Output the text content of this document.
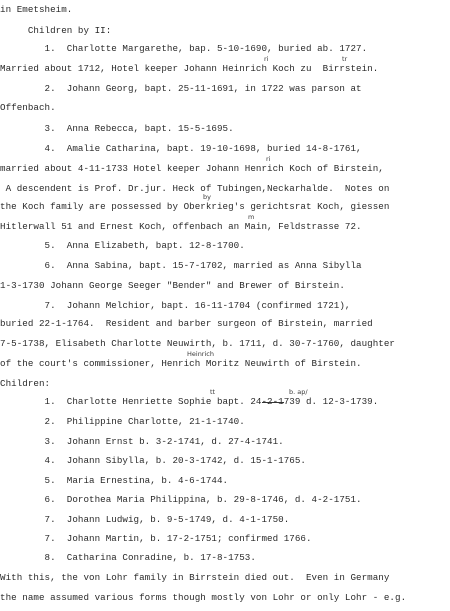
in Emetsheim.

Children by II:

1.  Charlotte Margarethe, bap. 5-10-1690, buried ab. 1727.

Married about 1712, Hotel keeper Johann Heinrich Koch zu  Birrstein.

2.  Johann Georg, bapt. 25-11-1691, in 1722 was parson at

Offenbach.

3.  Anna Rebecca, bapt. 15-5-1695.

4.  Amalie Catharina, bapt. 19-10-1698, buried 14-8-1761,

married about 4-11-1733 Hotel keeper Johann Henrich Koch of Birstein,

A descendent is Prof. Dr.jur. Heck of Tubingen,Neckarhalde.  Notes on

the Koch family are possessed by Oberkrieg's gerichtsrat Koch, giessen

Hitlerwall 51 and Ernest Koch, offenbach an Main, Feldstrasse 72.

5.  Anna Elizabeth, bapt. 12-8-1700.

6.  Anna Sabina, bapt. 15-7-1702, married as Anna Sibylla

1-3-1730 Johann George Seeger "Bender" and Brewer of Birstein.

7.  Johann Melchior, bapt. 16-11-1704 (confirmed 1721),

buried 22-1-1764.  Resident and barber surgeon of Birstein, married

7-5-1738, Elisabeth Charlotte Neuwirth, b. 1711, d. 30-7-1760, daughter

of the court's commissioner, Henrich Moritz Neuwirth of Birstein.

Children:

1.  Charlotte Henriette Sophie bapt. 24-2-1739 d. 12-3-1739.

2.  Philippine Charlotte, 21-1-1740.

3.  Johann Ernst b. 3-2-1741, d. 27-4-1741.

4.  Johann Sibylla, b. 20-3-1742, d. 15-1-1765.

5.  Maria Ernestina, b. 4-6-1744.

6.  Dorothea Maria Philippina, b. 29-8-1746, d. 4-2-1751.

7.  Johann Ludwig, b. 9-5-1749, d. 4-1-1750.

7.  Johann Martin, b. 17-2-1751; confirmed 1766.

8.  Catharina Conradine, b. 17-8-1753.

With this, the von Lohr family in Birrstein died out.  Even in Germany

the name assumed various forms though mostly von Lohr or only Lohr - e.g.

ri	tr
ri
by
m
Heinrich
tt	b. ap/
